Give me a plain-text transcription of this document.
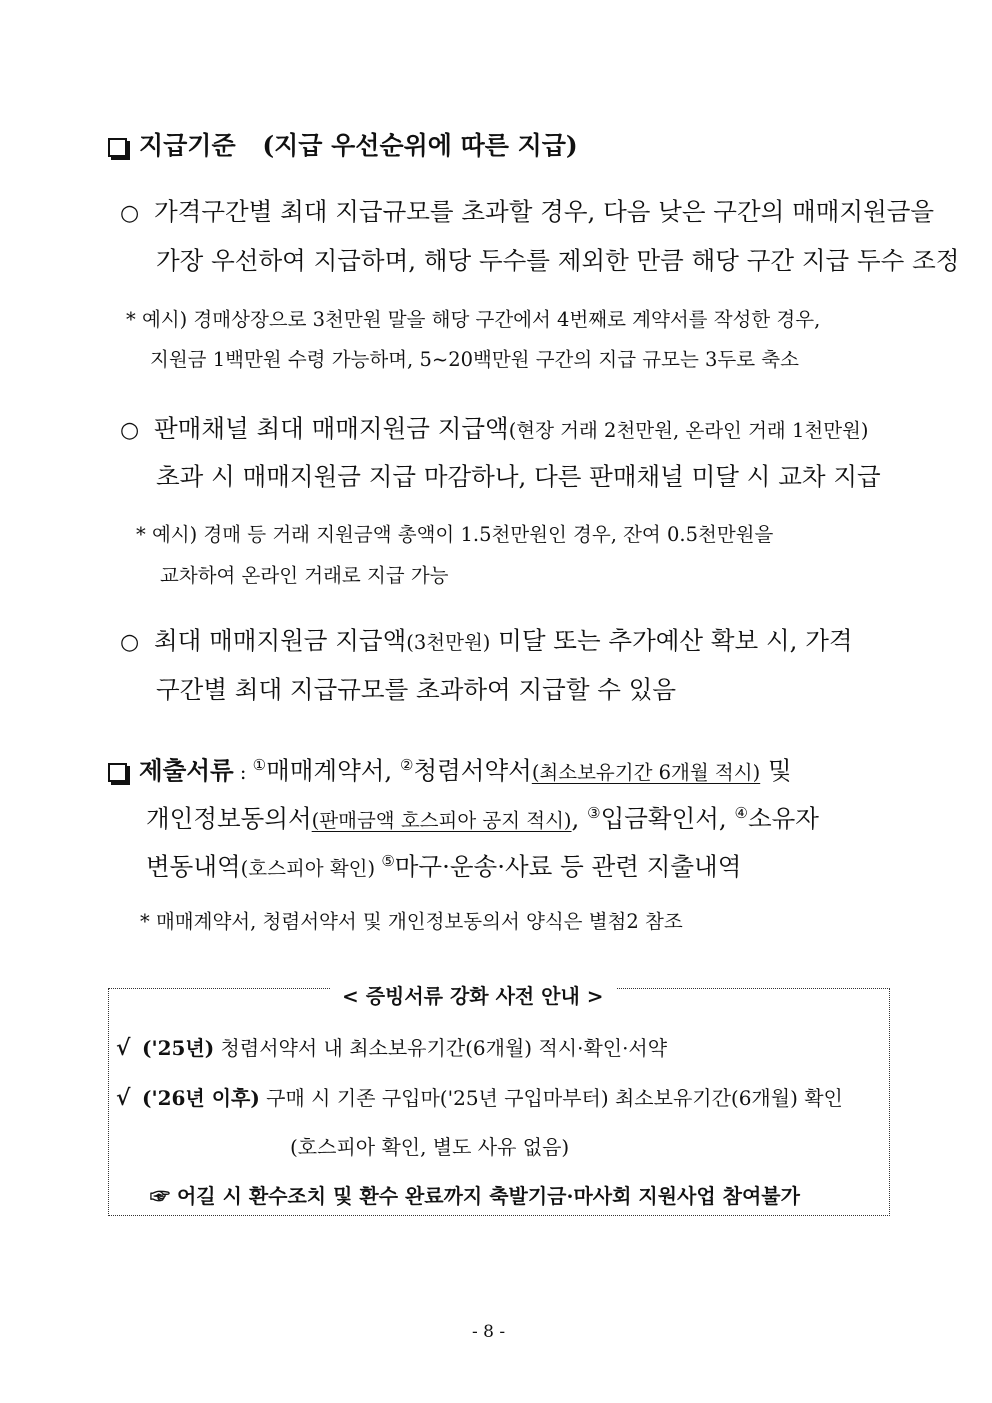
지급기준 (지급 우선순위에 따른 지급)
○ 가격구간별 최대 지급규모를 초과할 경우, 다음 낮은 구간의 매매지원금을
가장 우선하여 지급하며, 해당 두수를 제외한 만큼 해당 구간 지급 두수 조정
* 예시) 경매상장으로 3천만원 말을 해당 구간에서 4번째로 계약서를 작성한 경우,
지원금 1백만원 수령 가능하며, 5~20백만원 구간의 지급 규모는 3두로 축소
○ 판매채널 최대 매매지원금 지급액(현장 거래 2천만원, 온라인 거래 1천만원)
초과 시 매매지원금 지급 마감하나, 다른 판매채널 미달 시 교차 지급
* 예시) 경매 등 거래 지원금액 총액이 1.5천만원인 경우, 잔여 0.5천만원을
교차하여 온라인 거래로 지급 가능
○ 최대 매매지원금 지급액(3천만원) 미달 또는 추가예산 확보 시, 가격
구간별 최대 지급규모를 초과하여 지급할 수 있음
제출서류 : ①매매계약서, ②청렴서약서(최소보유기간 6개월 적시) 및
개인정보동의서(판매금액 호스피아 공지 적시), ③입금확인서, ④소유자
변동내역(호스피아 확인) ⑤마구·운송·사료 등 관련 지출내역
* 매매계약서, 청렴서약서 및 개인정보동의서 양식은 별첨2 참조
< 증빙서류 강화 사전 안내 >
√ ('25년) 청렴서약서 내 최소보유기간(6개월) 적시·확인·서약
√ ('26년 이후) 구매 시 기존 구입마('25년 구입마부터) 최소보유기간(6개월) 확인
(호스피아 확인, 별도 사유 없음)
☞ 어길 시 환수조치 및 환수 완료까지 축발기금·마사회 지원사업 참여불가
- 8 -
